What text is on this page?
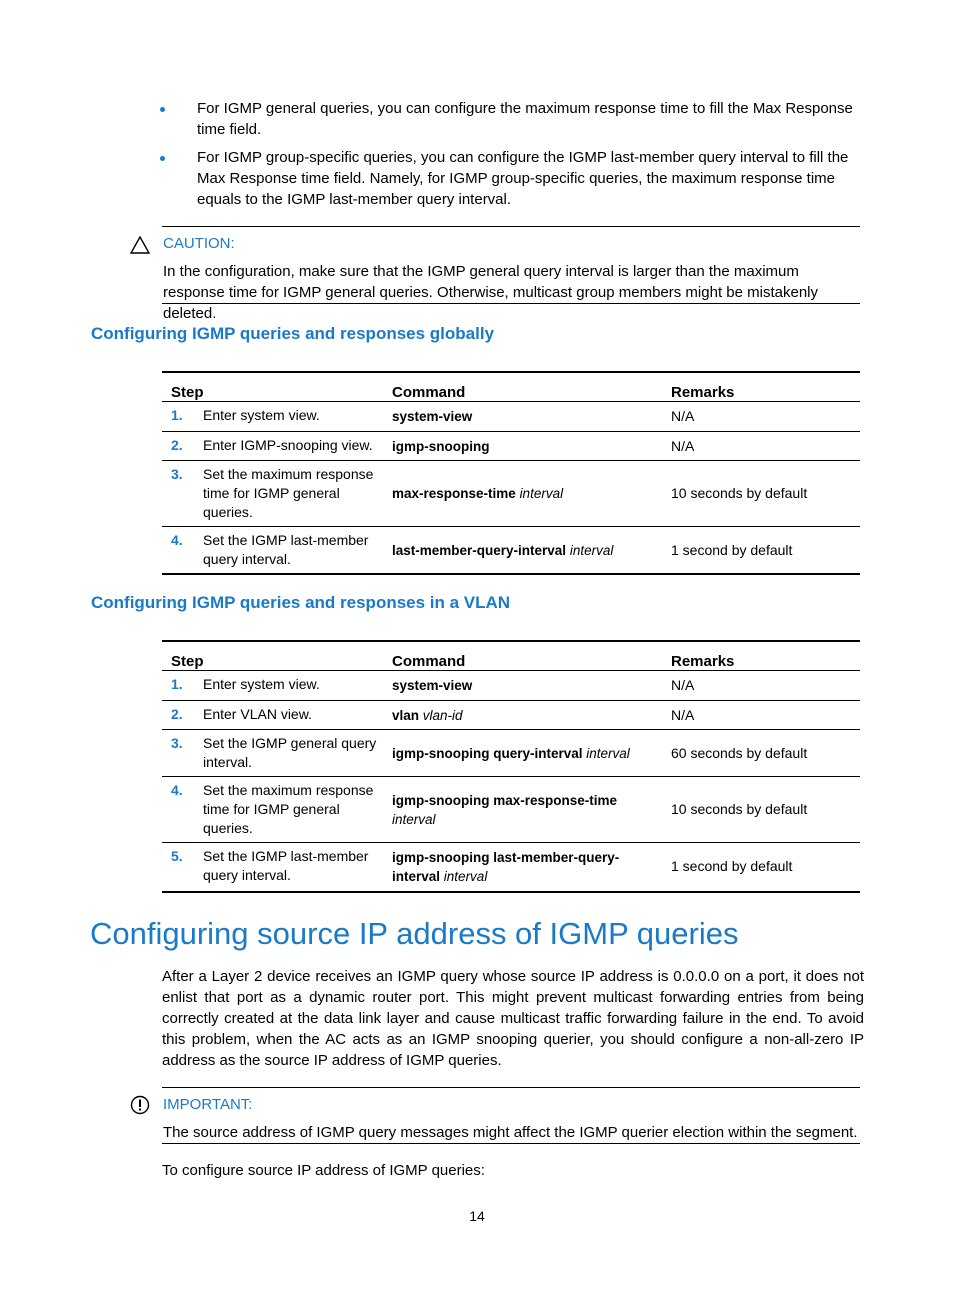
For IGMP general queries, you can configure the maximum response time to fill the Max Response time field.
For IGMP group-specific queries, you can configure the IGMP last-member query interval to fill the Max Response time field. Namely, for IGMP group-specific queries, the maximum response time equals to the IGMP last-member query interval.
CAUTION:
In the configuration, make sure that the IGMP general query interval is larger than the maximum response time for IGMP general queries. Otherwise, multicast group members might be mistakenly deleted.
Configuring IGMP queries and responses globally
Step		Command	Remarks
1.	Enter system view.	system-view	N/A
2.	Enter IGMP-snooping view.	igmp-snooping	N/A
3.	Set the maximum response time for IGMP general queries.	max-response-time interval	10 seconds by default
4.	Set the IGMP last-member query interval.	last-member-query-interval interval	1 second by default
Configuring IGMP queries and responses in a VLAN
Step		Command	Remarks
1.	Enter system view.	system-view	N/A
2.	Enter VLAN view.	vlan vlan-id	N/A
3.	Set the IGMP general query interval.	igmp-snooping query-interval interval	60 seconds by default
4.	Set the maximum response time for IGMP general queries.	igmp-snooping max-response-time interval	10 seconds by default
5.	Set the IGMP last-member query interval.	igmp-snooping last-member-query-interval interval	1 second by default
Configuring source IP address of IGMP queries
After a Layer 2 device receives an IGMP query whose source IP address is 0.0.0.0 on a port, it does not enlist that port as a dynamic router port. This might prevent multicast forwarding entries from being correctly created at the data link layer and cause multicast traffic forwarding failure in the end. To avoid this problem, when the AC acts as an IGMP snooping querier, you should configure a non-all-zero IP address as the source IP address of IGMP queries.
IMPORTANT:
The source address of IGMP query messages might affect the IGMP querier election within the segment.
To configure source IP address of IGMP queries:
14
